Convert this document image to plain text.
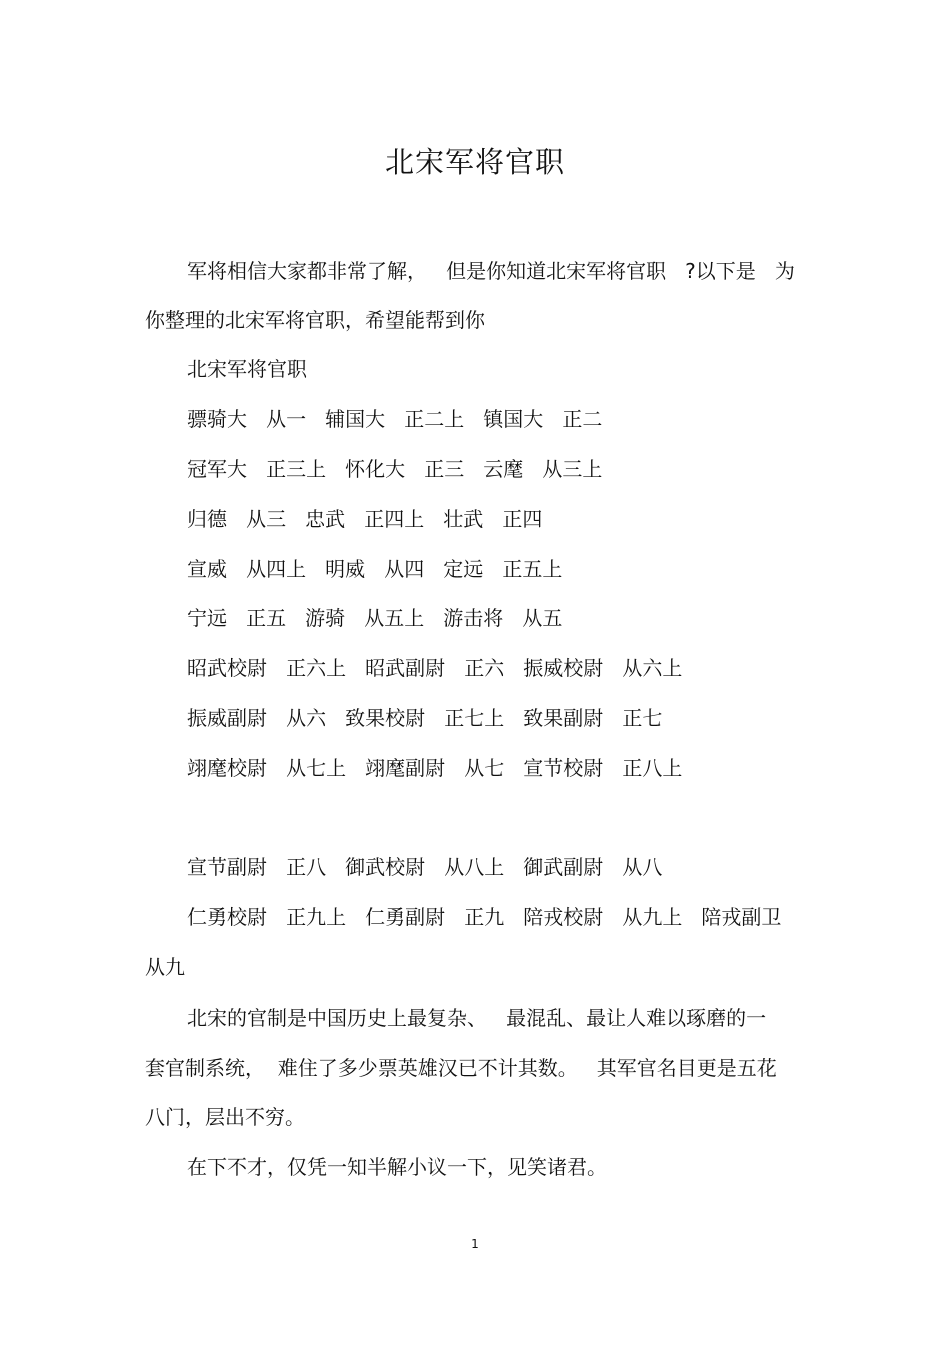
北宋军将官职

军将相信大家都非常了解，   但是你知道北宋军将官职   ?以下是   为

你整理的北宋军将官职，希望能帮到你

北宋军将官职

骠骑大   从一   辅国大   正二上   镇国大   正二

冠军大   正三上   怀化大   正三   云麾   从三上

归德   从三   忠武   正四上   壮武   正四

宣威   从四上   明威   从四   定远   正五上

宁远   正五   游骑   从五上   游击将   从五

昭武校尉   正六上   昭武副尉   正六   振威校尉   从六上

振威副尉   从六   致果校尉   正七上   致果副尉   正七

翊麾校尉   从七上   翊麾副尉   从七   宣节校尉   正八上

宣节副尉   正八   御武校尉   从八上   御武副尉   从八

仁勇校尉   正九上   仁勇副尉   正九   陪戎校尉   从九上   陪戎副卫

从九

北宋的官制是中国历史上最复杂、   最混乱、最让人难以琢磨的一

套官制系统，  难住了多少票英雄汉已不计其数。   其军官名目更是五花

八门，层出不穷。

在下不才，仅凭一知半解小议一下，见笑诸君。

1
